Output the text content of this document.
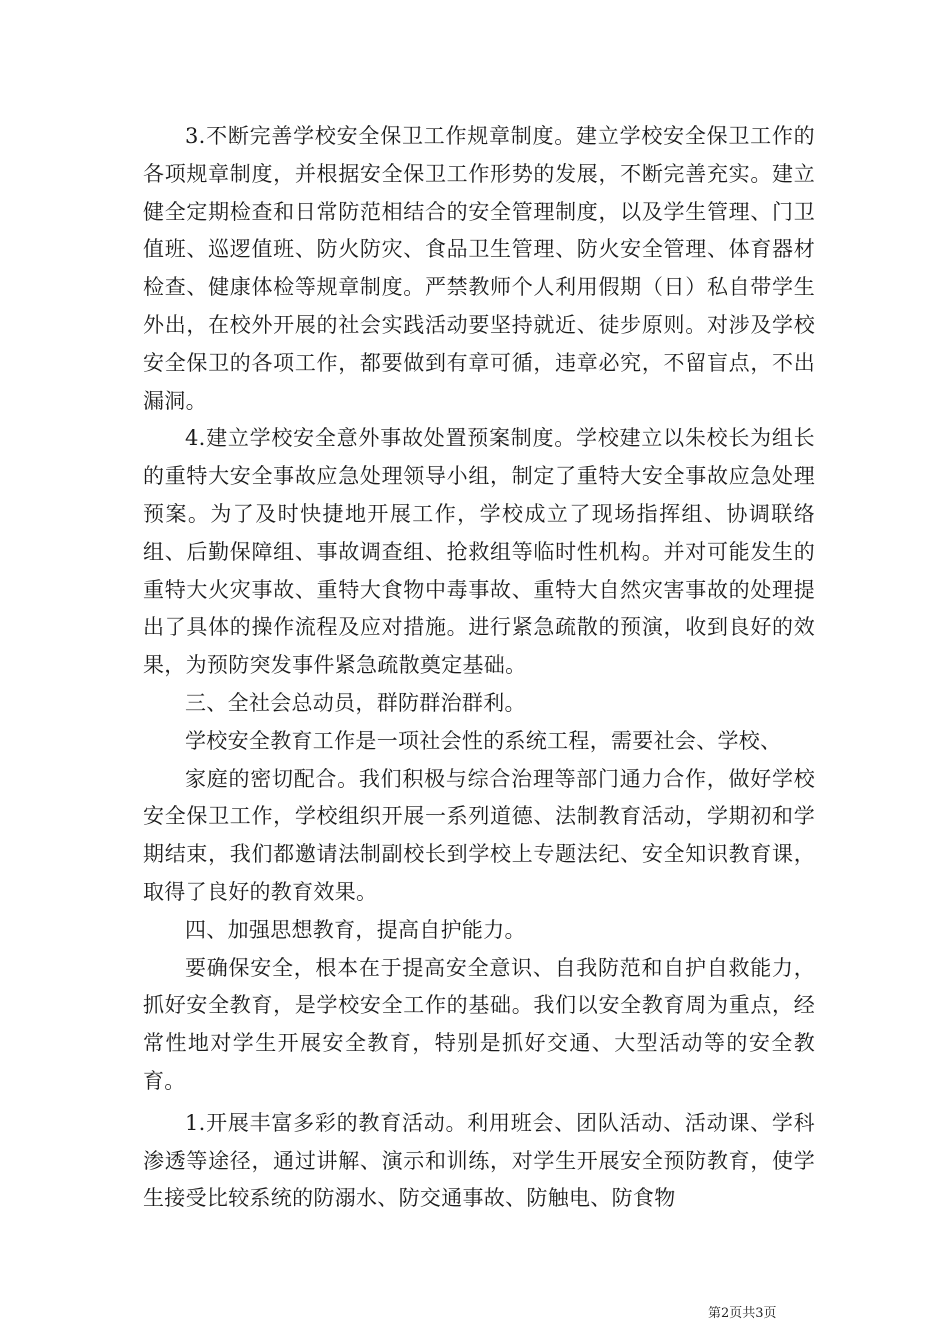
3.不断完善学校安全保卫工作规章制度。建立学校安全保卫工作的各项规章制度，并根据安全保卫工作形势的发展，不断完善充实。建立健全定期检查和日常防范相结合的安全管理制度，以及学生管理、门卫值班、巡逻值班、防火防灾、食品卫生管理、防火安全管理、体育器材检查、健康体检等规章制度。严禁教师个人利用假期（日）私自带学生外出，在校外开展的社会实践活动要坚持就近、徒步原则。对涉及学校安全保卫的各项工作，都要做到有章可循，违章必究，不留盲点，不出漏洞。

4.建立学校安全意外事故处置预案制度。学校建立以朱校长为组长的重特大安全事故应急处理领导小组，制定了重特大安全事故应急处理预案。为了及时快捷地开展工作，学校成立了现场指挥组、协调联络组、后勤保障组、事故调查组、抢救组等临时性机构。并对可能发生的重特大火灾事故、重特大食物中毒事故、重特大自然灾害事故的处理提出了具体的操作流程及应对措施。进行紧急疏散的预演，收到良好的效果，为预防突发事件紧急疏散奠定基础。

三、全社会总动员，群防群治群利。

学校安全教育工作是一项社会性的系统工程，需要社会、学校、
家庭的密切配合。我们积极与综合治理等部门通力合作，做好学校安全保卫工作，学校组织开展一系列道德、法制教育活动，学期初和学期结束，我们都邀请法制副校长到学校上专题法纪、安全知识教育课，取得了良好的教育效果。

四、加强思想教育，提高自护能力。

要确保安全，根本在于提高安全意识、自我防范和自护自救能力，抓好安全教育，是学校安全工作的基础。我们以安全教育周为重点，经常性地对学生开展安全教育，特别是抓好交通、大型活动等的安全教育。

1.开展丰富多彩的教育活动。利用班会、团队活动、活动课、学科渗透等途径，通过讲解、演示和训练，对学生开展安全预防教育，使学生接受比较系统的防溺水、防交通事故、防触电、防食物

第2页共3页
